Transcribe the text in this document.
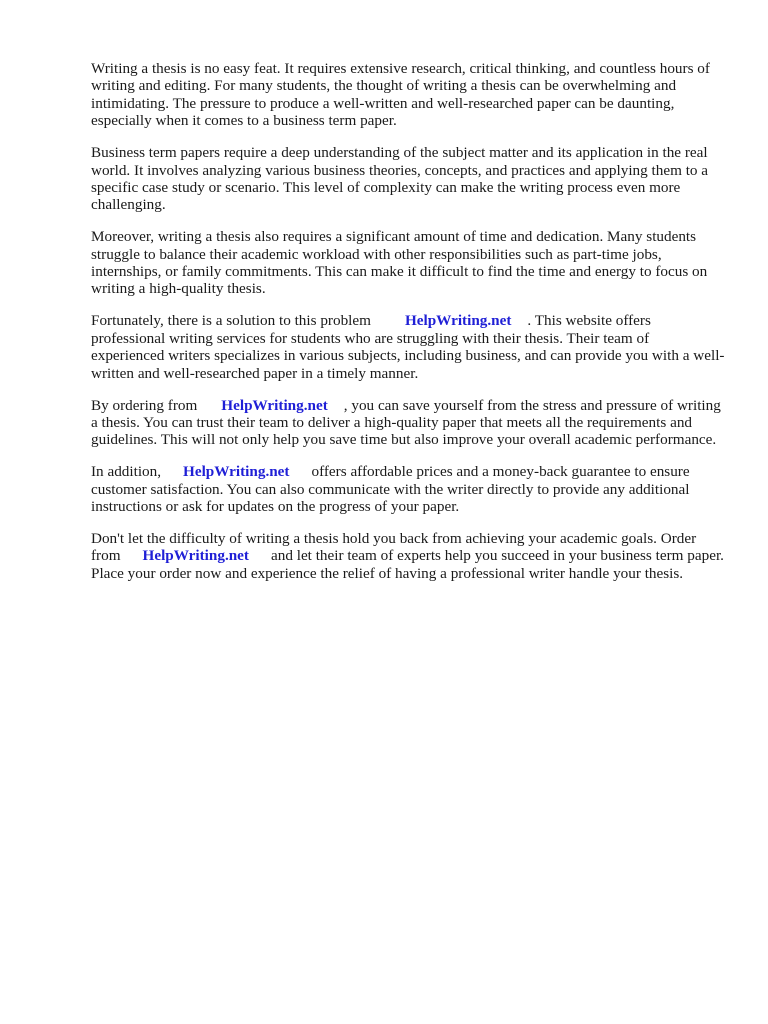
Writing a thesis is no easy feat. It requires extensive research, critical thinking, and countless hours of writing and editing. For many students, the thought of writing a thesis can be overwhelming and intimidating. The pressure to produce a well-written and well-researched paper can be daunting, especially when it comes to a business term paper.

Business term papers require a deep understanding of the subject matter and its application in the real world. It involves analyzing various business theories, concepts, and practices and applying them to a specific case study or scenario. This level of complexity can make the writing process even more challenging.

Moreover, writing a thesis also requires a significant amount of time and dedication. Many students struggle to balance their academic workload with other responsibilities such as part-time jobs, internships, or family commitments. This can make it difficult to find the time and energy to focus on writing a high-quality thesis.

Fortunately, there is a solution to this problem HelpWriting.net . This website offers professional writing services for students who are struggling with their thesis. Their team of experienced writers specializes in various subjects, including business, and can provide you with a well-written and well-researched paper in a timely manner.

By ordering from HelpWriting.net , you can save yourself from the stress and pressure of writing a thesis. You can trust their team to deliver a high-quality paper that meets all the requirements and guidelines. This will not only help you save time but also improve your overall academic performance.

In addition, HelpWriting.net offers affordable prices and a money-back guarantee to ensure customer satisfaction. You can also communicate with the writer directly to provide any additional instructions or ask for updates on the progress of your paper.

Don't let the difficulty of writing a thesis hold you back from achieving your academic goals. Order from HelpWriting.net and let their team of experts help you succeed in your business term paper. Place your order now and experience the relief of having a professional writer handle your thesis.
